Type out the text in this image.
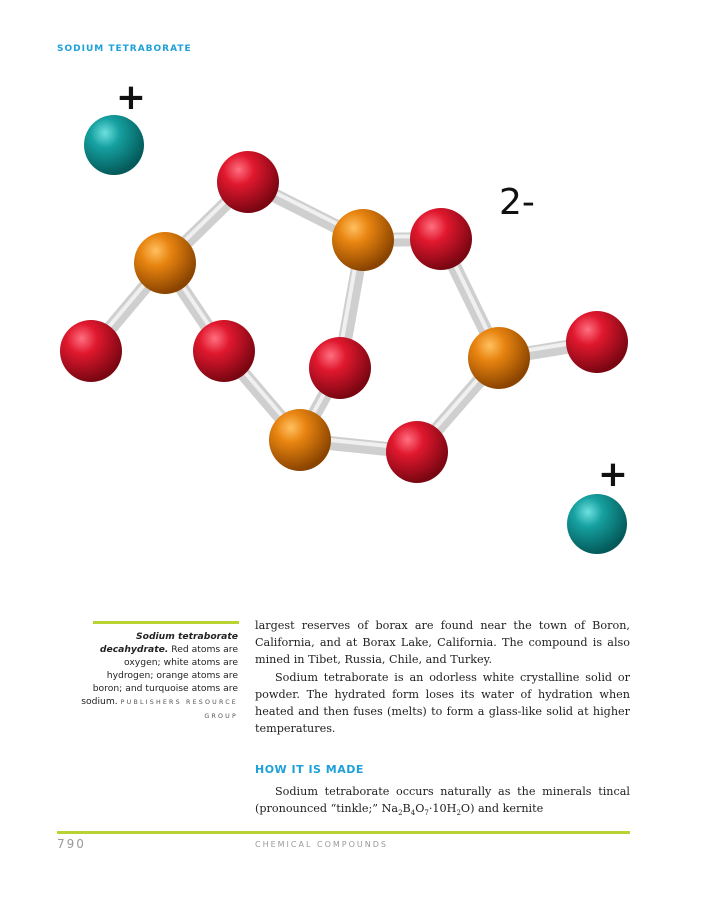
SODIUM TETRABORATE
+
+
2-
Sodium tetraborate decahydrate. Red atoms are oxygen; white atoms are hydrogen; orange atoms are boron; and turquoise atoms are sodium. PUBLISHERS RESOURCE GROUP

largest reserves of borax are found near the town of Boron, California, and at Borax Lake, California. The compound is also mined in Tibet, Russia, Chile, and Turkey.

Sodium tetraborate is an odorless white crystalline solid or powder. The hydrated form loses its water of hydration when heated and then fuses (melts) to form a glass-like solid at higher temperatures.

HOW IT IS MADE

Sodium tetraborate occurs naturally as the minerals tincal (pronounced “tinkle;” $Na_2B_4O_7\cdot 10H_2O$) and kernite

790	CHEMICAL COMPOUNDS
